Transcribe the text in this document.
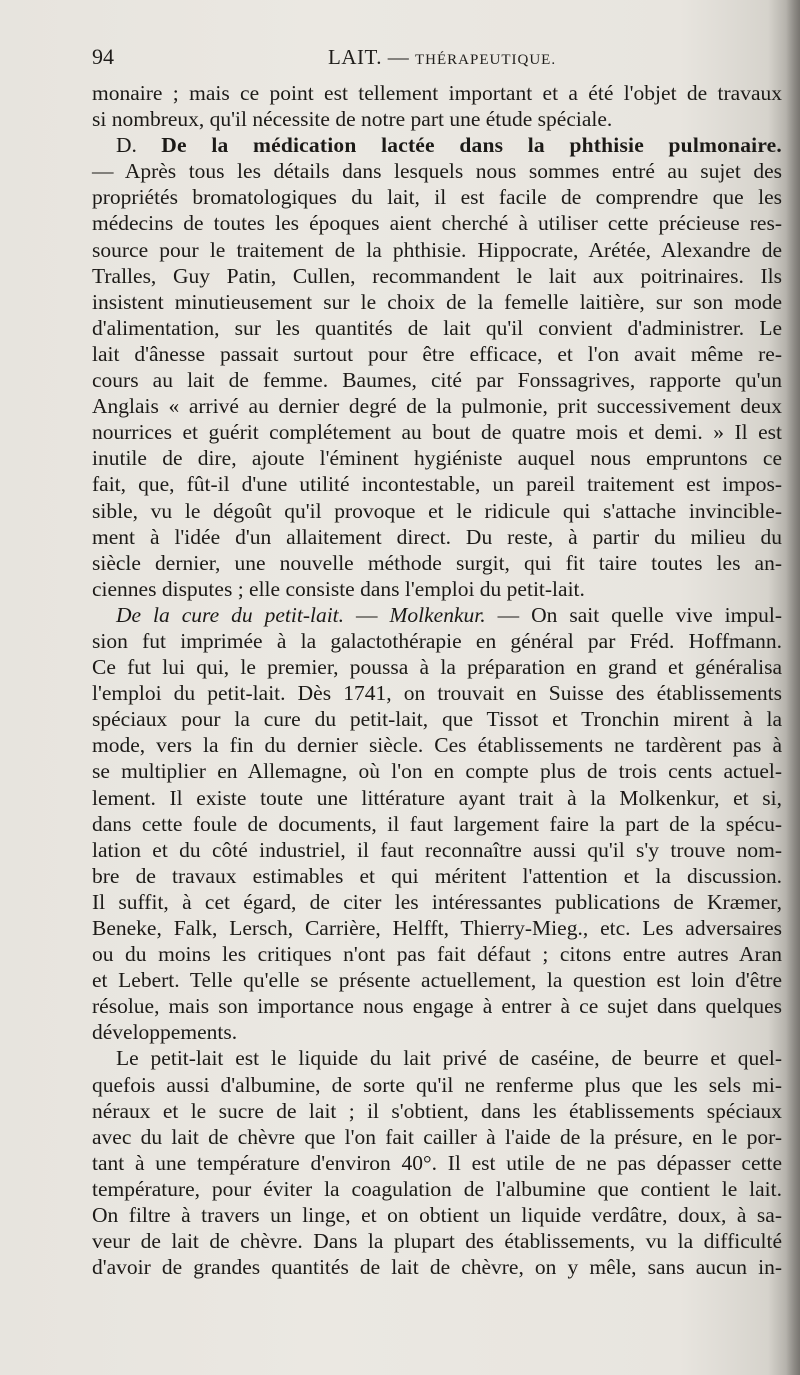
94	LAIT. — THÉRAPEUTIQUE.
monaire ; mais ce point est tellement important et a été l'objet de travaux
si nombreux, qu'il nécessite de notre part une étude spéciale.
D. De la médication lactée dans la phthisie pulmonaire.
— Après tous les détails dans lesquels nous sommes entré au sujet des
propriétés bromatologiques du lait, il est facile de comprendre que les
médecins de toutes les époques aient cherché à utiliser cette précieuse res-
source pour le traitement de la phthisie. Hippocrate, Arétée, Alexandre de
Tralles, Guy Patin, Cullen, recommandent le lait aux poitrinaires. Ils
insistent minutieusement sur le choix de la femelle laitière, sur son mode
d'alimentation, sur les quantités de lait qu'il convient d'administrer. Le
lait d'ânesse passait surtout pour être efficace, et l'on avait même re-
cours au lait de femme. Baumes, cité par Fonssagrives, rapporte qu'un
Anglais « arrivé au dernier degré de la pulmonie, prit successivement deux
nourrices et guérit complétement au bout de quatre mois et demi. » Il est
inutile de dire, ajoute l'éminent hygiéniste auquel nous empruntons ce
fait, que, fût-il d'une utilité incontestable, un pareil traitement est impos-
sible, vu le dégoût qu'il provoque et le ridicule qui s'attache invincible-
ment à l'idée d'un allaitement direct. Du reste, à partir du milieu du
siècle dernier, une nouvelle méthode surgit, qui fit taire toutes les an-
ciennes disputes ; elle consiste dans l'emploi du petit-lait.
De la cure du petit-lait. — Molkenkur. — On sait quelle vive impul-
sion fut imprimée à la galactothérapie en général par Fréd. Hoffmann.
Ce fut lui qui, le premier, poussa à la préparation en grand et généralisa
l'emploi du petit-lait. Dès 1741, on trouvait en Suisse des établissements
spéciaux pour la cure du petit-lait, que Tissot et Tronchin mirent à la
mode, vers la fin du dernier siècle. Ces établissements ne tardèrent pas à
se multiplier en Allemagne, où l'on en compte plus de trois cents actuel-
lement. Il existe toute une littérature ayant trait à la Molkenkur, et si,
dans cette foule de documents, il faut largement faire la part de la spécu-
lation et du côté industriel, il faut reconnaître aussi qu'il s'y trouve nom-
bre de travaux estimables et qui méritent l'attention et la discussion.
Il suffit, à cet égard, de citer les intéressantes publications de Kræmer,
Beneke, Falk, Lersch, Carrière, Helfft, Thierry-Mieg., etc. Les adversaires
ou du moins les critiques n'ont pas fait défaut ; citons entre autres Aran
et Lebert. Telle qu'elle se présente actuellement, la question est loin d'être
résolue, mais son importance nous engage à entrer à ce sujet dans quelques
développements.
Le petit-lait est le liquide du lait privé de caséine, de beurre et quel-
quefois aussi d'albumine, de sorte qu'il ne renferme plus que les sels mi-
néraux et le sucre de lait ; il s'obtient, dans les établissements spéciaux
avec du lait de chèvre que l'on fait cailler à l'aide de la présure, en le por-
tant à une température d'environ 40°. Il est utile de ne pas dépasser cette
température, pour éviter la coagulation de l'albumine que contient le lait.
On filtre à travers un linge, et on obtient un liquide verdâtre, doux, à sa-
veur de lait de chèvre. Dans la plupart des établissements, vu la difficulté
d'avoir de grandes quantités de lait de chèvre, on y mêle, sans aucun in-
